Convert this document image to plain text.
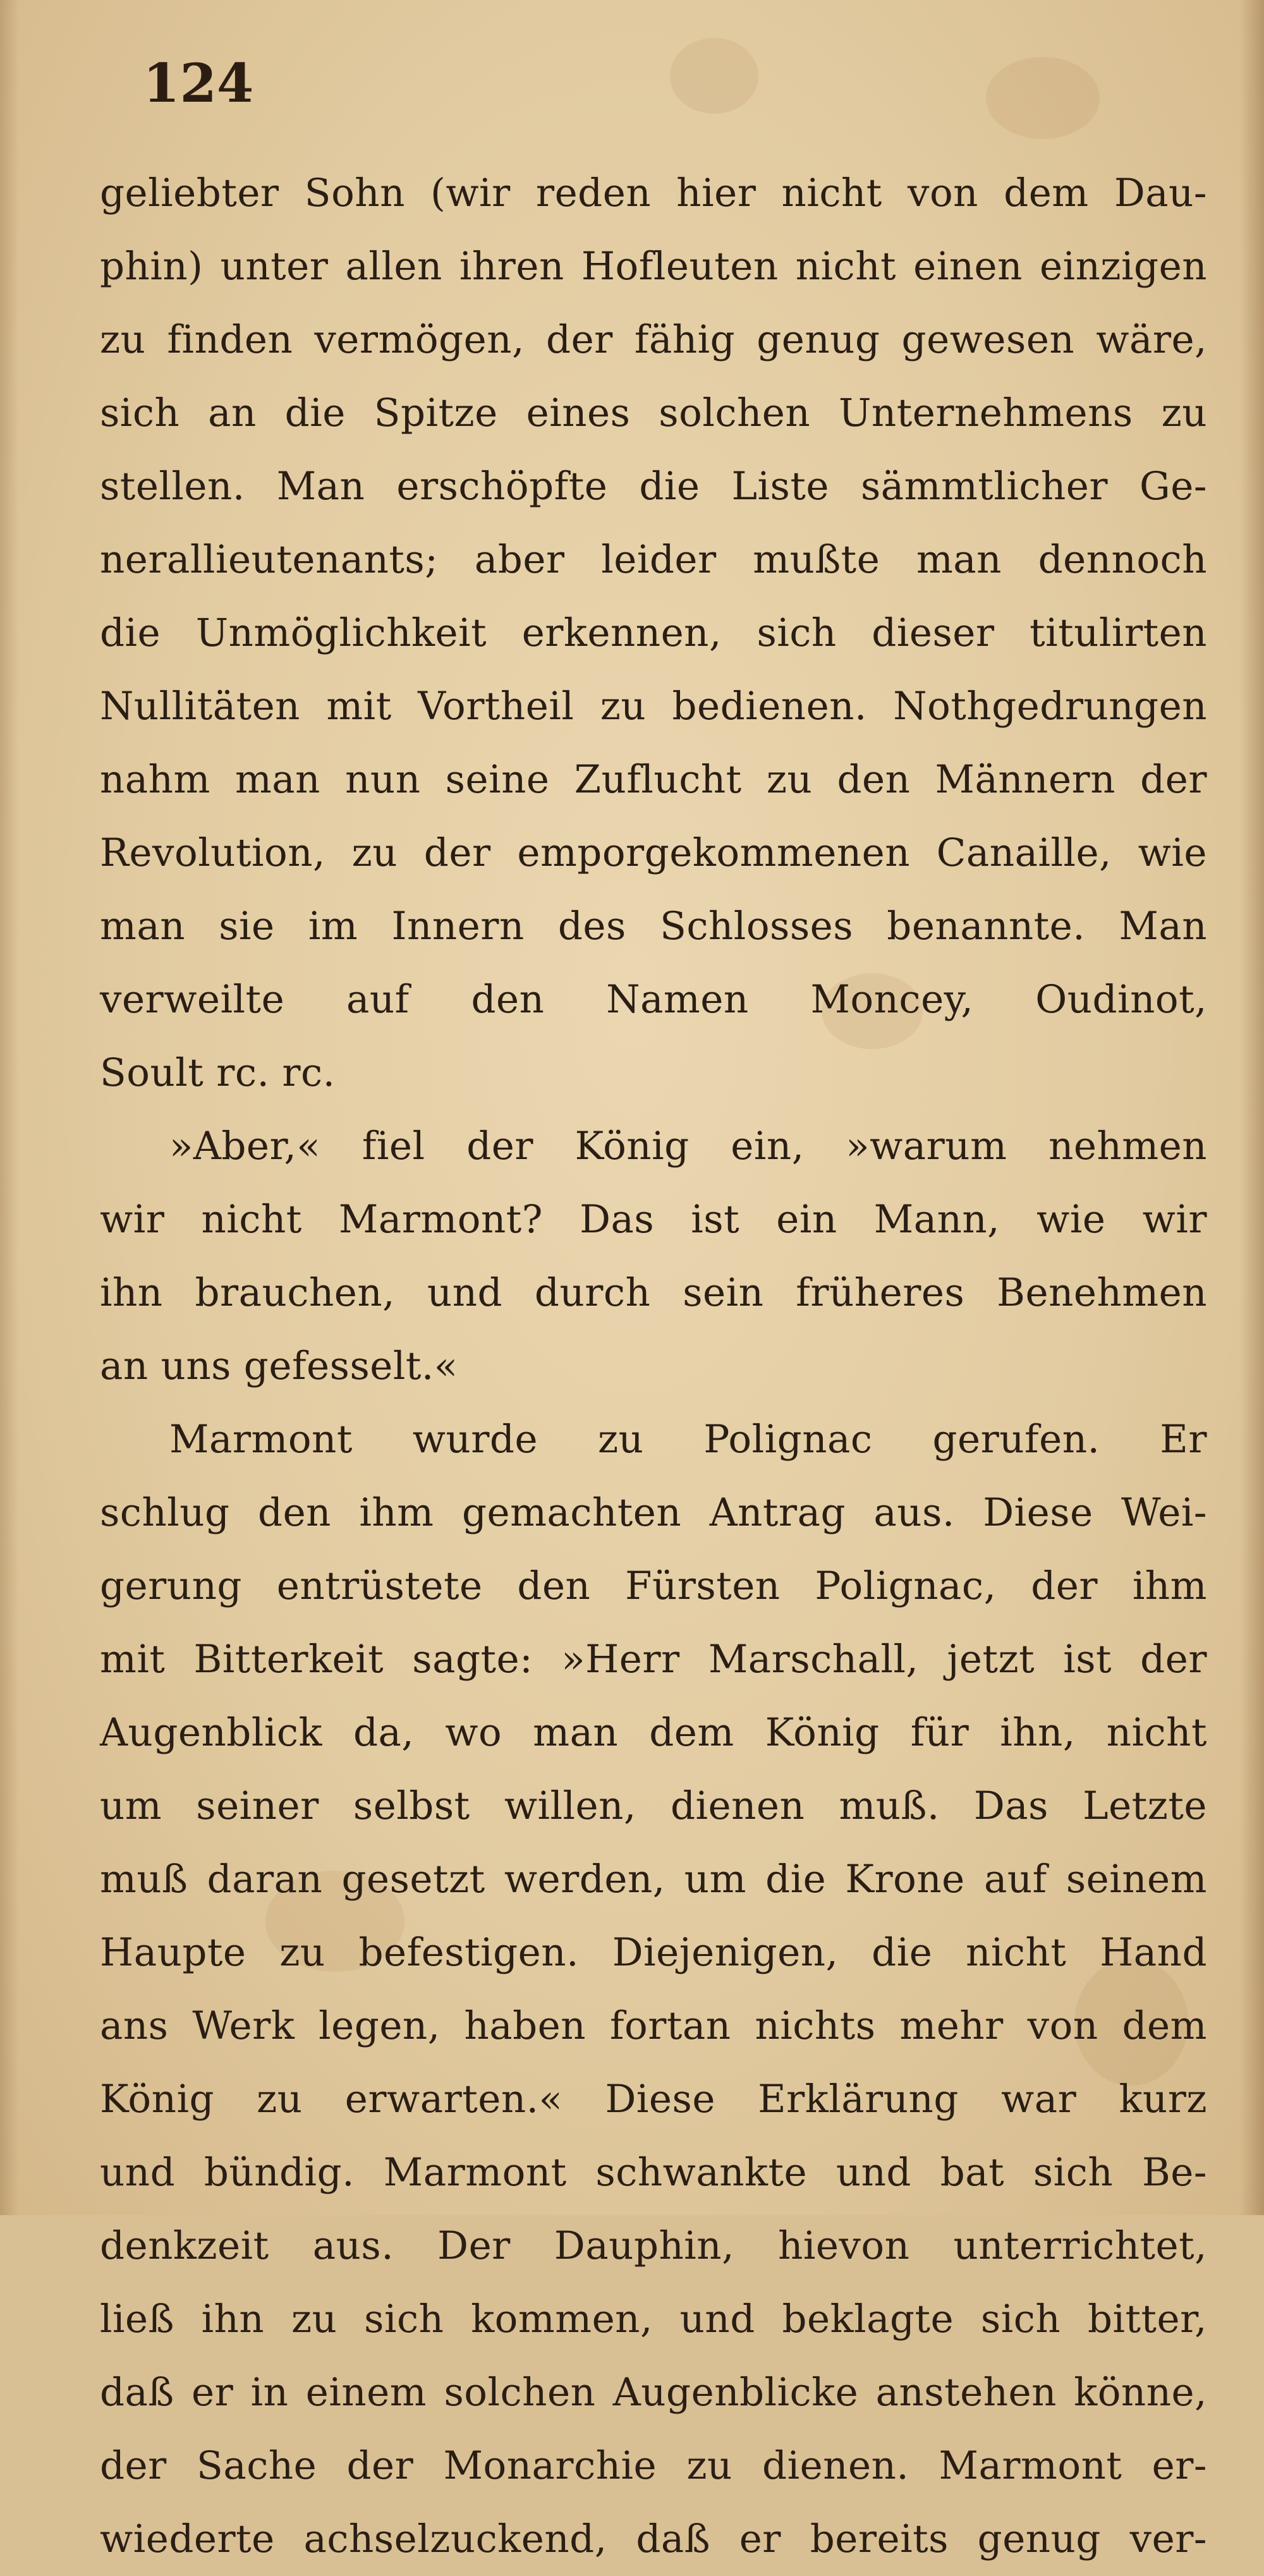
124
geliebter Sohn (wir reden hier nicht von dem Dau-
phin) unter allen ihren Hofleuten nicht einen einzigen
zu finden vermögen, der fähig genug gewesen wäre,
sich an die Spitze eines solchen Unternehmens zu
stellen. Man erschöpfte die Liste sämmtlicher Ge-
nerallieutenants; aber leider mußte man dennoch
die Unmöglichkeit erkennen, sich dieser titulirten
Nullitäten mit Vortheil zu bedienen. Nothgedrungen
nahm man nun seine Zuflucht zu den Männern der
Revolution, zu der emporgekommenen Canaille, wie
man sie im Innern des Schlosses benannte. Man
verweilte auf den Namen Moncey, Oudinot,
Soult rc. rc.
»Aber,« fiel der König ein, »warum nehmen
wir nicht Marmont? Das ist ein Mann, wie wir
ihn brauchen, und durch sein früheres Benehmen
an uns gefesselt.«
Marmont wurde zu Polignac gerufen. Er
schlug den ihm gemachten Antrag aus. Diese Wei-
gerung entrüstete den Fürsten Polignac, der ihm
mit Bitterkeit sagte: »Herr Marschall, jetzt ist der
Augenblick da, wo man dem König für ihn, nicht
um seiner selbst willen, dienen muß. Das Letzte
muß daran gesetzt werden, um die Krone auf seinem
Haupte zu befestigen. Diejenigen, die nicht Hand
ans Werk legen, haben fortan nichts mehr von dem
König zu erwarten.« Diese Erklärung war kurz
und bündig. Marmont schwankte und bat sich Be-
denkzeit aus. Der Dauphin, hievon unterrichtet,
ließ ihn zu sich kommen, und beklagte sich bitter,
daß er in einem solchen Augenblicke anstehen könne,
der Sache der Monarchie zu dienen. Marmont er-
wiederte achselzuckend, daß er bereits genug ver-
